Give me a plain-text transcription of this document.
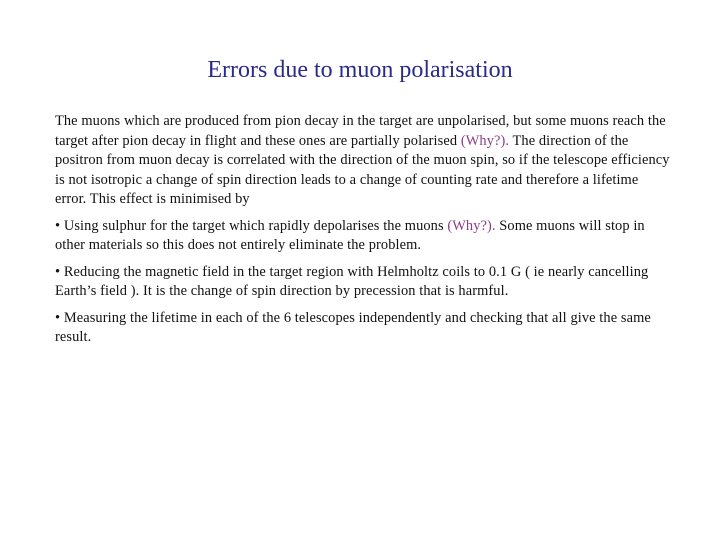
Errors due to muon polarisation

The muons which are produced from pion decay in the target are unpolarised, but some muons reach the target after pion decay in flight and these ones are partially polarised (Why?). The direction of the positron from muon decay is correlated with the direction of the muon spin, so if the telescope efficiency is not isotropic a change of spin direction leads to a change of counting rate and therefore a lifetime error. This effect is minimised by

• Using sulphur for the target which rapidly depolarises the muons (Why?). Some muons will stop in other materials so this does not entirely eliminate the problem.

• Reducing the magnetic field in the target region with Helmholtz coils to 0.1 G ( ie nearly cancelling Earth’s field ). It is the change of spin direction by precession that is harmful.

• Measuring the lifetime in each of the 6 telescopes independently and checking that all give the same result.
